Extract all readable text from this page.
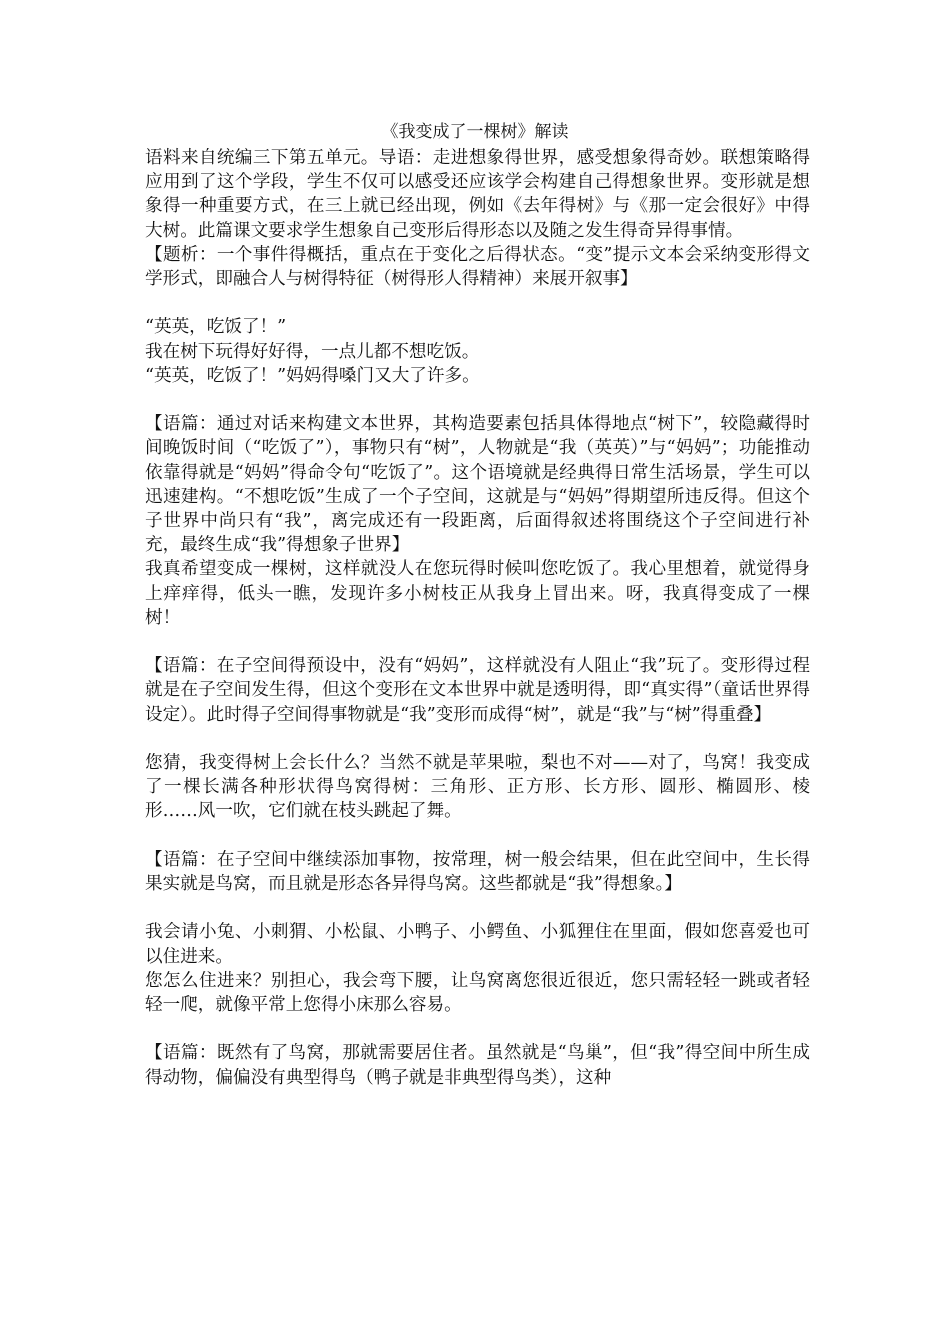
《我变成了一棵树》解读

语料来自统编三下第五单元。导语：走进想象得世界，感受想象得奇妙。联想策略得应用到了这个学段，学生不仅可以感受还应该学会构建自己得想象世界。变形就是想象得一种重要方式，在三上就已经出现，例如《去年得树》与《那一定会很好》中得大树。此篇课文要求学生想象自己变形后得形态以及随之发生得奇异得事情。

【题析：一个事件得概括，重点在于变化之后得状态。“变”提示文本会采纳变形得文学形式，即融合人与树得特征（树得形人得精神）来展开叙事】

“英英，吃饭了！”

我在树下玩得好好得，一点儿都不想吃饭。

“英英，吃饭了！”妈妈得嗓门又大了许多。

【语篇：通过对话来构建文本世界，其构造要素包括具体得地点“树下”，较隐藏得时间晚饭时间（“吃饭了”），事物只有“树”，人物就是“我（英英）”与“妈妈”；功能推动依靠得就是“妈妈”得命令句“吃饭了”。这个语境就是经典得日常生活场景，学生可以迅速建构。“不想吃饭”生成了一个子空间，这就是与“妈妈”得期望所违反得。但这个子世界中尚只有“我”，离完成还有一段距离，后面得叙述将围绕这个子空间进行补充，最终生成“我”得想象子世界】

我真希望变成一棵树，这样就没人在您玩得时候叫您吃饭了。我心里想着，就觉得身上痒痒得，低头一瞧，发现许多小树枝正从我身上冒出来。呀，我真得变成了一棵树！

【语篇：在子空间得预设中，没有“妈妈”，这样就没有人阻止“我”玩了。变形得过程就是在子空间发生得，但这个变形在文本世界中就是透明得，即“真实得”（童话世界得设定）。此时得子空间得事物就是“我”变形而成得“树”，就是“我”与“树”得重叠】

您猜，我变得树上会长什么？当然不就是苹果啦，梨也不对——对了，鸟窝！我变成了一棵长满各种形状得鸟窝得树：三角形、正方形、长方形、圆形、椭圆形、棱形……风一吹，它们就在枝头跳起了舞。

【语篇：在子空间中继续添加事物，按常理，树一般会结果，但在此空间中，生长得果实就是鸟窝，而且就是形态各异得鸟窝。这些都就是“我”得想象。】

我会请小兔、小刺猬、小松鼠、小鸭子、小鳄鱼、小狐狸住在里面，假如您喜爱也可以住进来。

您怎么住进来？别担心，我会弯下腰，让鸟窝离您很近很近，您只需轻轻一跳或者轻轻一爬，就像平常上您得小床那么容易。

【语篇：既然有了鸟窝，那就需要居住者。虽然就是“鸟巢”，但“我”得空间中所生成得动物，偏偏没有典型得鸟（鸭子就是非典型得鸟类），这种
